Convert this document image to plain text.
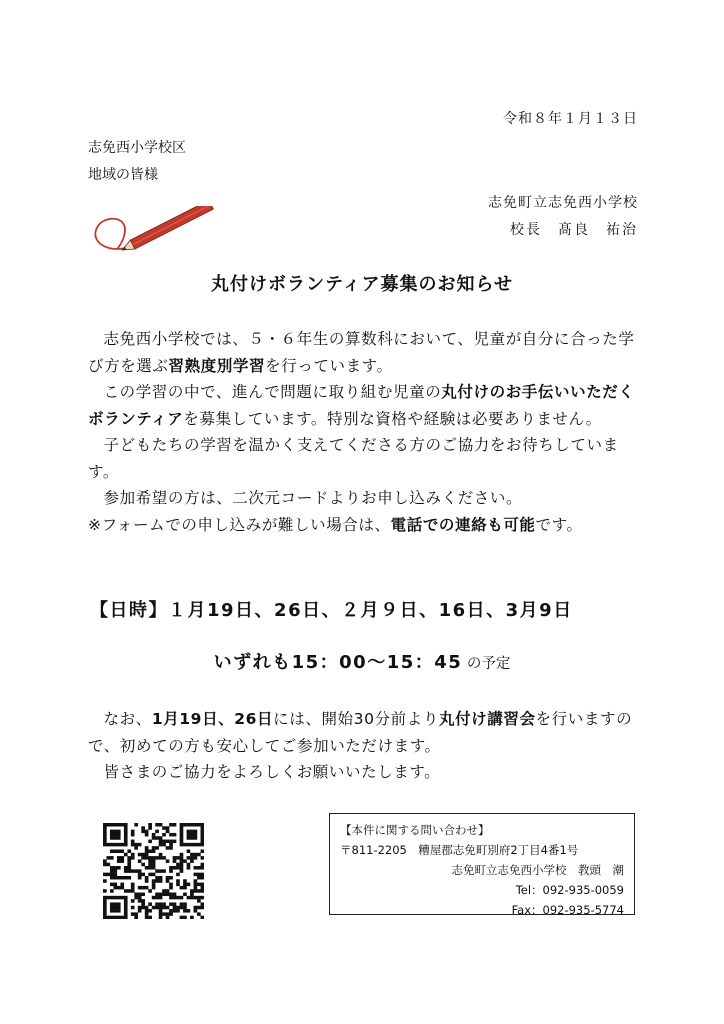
令和８年１月１３日
志免西小学校区
地域の皆様
志免町立志免西小学校
校長　髙良　祐治
丸付けボランティア募集のお知らせ

志免西小学校では、５・６年生の算数科において、児童が自分に合った学び方を選ぶ習熟度別学習を行っています。

この学習の中で、進んで問題に取り組む児童の丸付けのお手伝いいただくボランティアを募集しています。特別な資格や経験は必要ありません。

子どもたちの学習を温かく支えてくださる方のご協力をお待ちしています。

参加希望の方は、二次元コードよりお申し込みください。

※フォームでの申し込みが難しい場合は、電話での連絡も可能です。

【日時】１月19日、26日、２月９日、16日、3月9日
いずれも15：00～15：45 の予定

なお、1月19日、26日には、開始30分前より丸付け講習会を行いますので、初めての方も安心してご参加いただけます。

皆さまのご協力をよろしくお願いいたします。

【本件に関する問い合わせ】
〒811-2205　糟屋郡志免町別府2丁目4番1号
志免町立志免西小学校　教頭　潮
Tel：092-935-0059
Fax：092-935-5774
